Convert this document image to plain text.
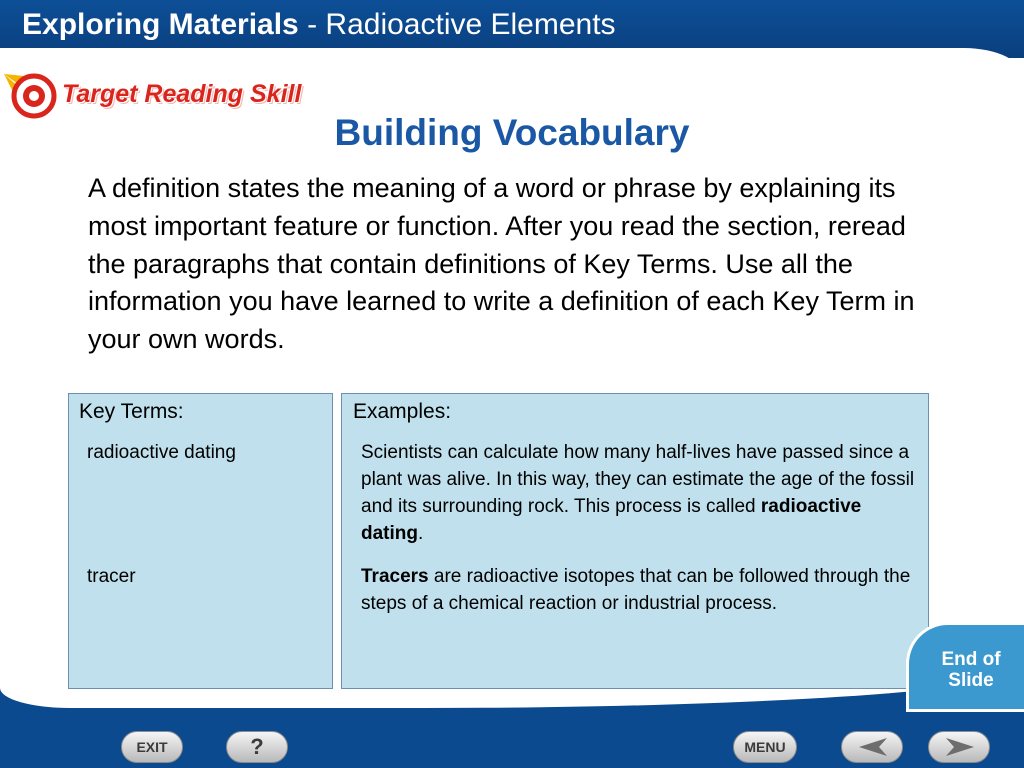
Exploring Materials - Radioactive Elements
Target Reading Skill
Building Vocabulary
A definition states the meaning of a word or phrase by explaining its most important feature or function. After you read the section, reread the paragraphs that contain definitions of Key Terms. Use all the information you have learned to write a definition of each Key Term in your own words.
Key Terms:
radioactive dating
tracer
Examples:
Scientists can calculate how many half-lives have passed since a plant was alive. In this way, they can estimate the age of the fossil and its surrounding rock. This process is called radioactive dating.
Tracers are radioactive isotopes that can be followed through the steps of a chemical reaction or industrial process.
End of
Slide
EXIT	?	MENU
